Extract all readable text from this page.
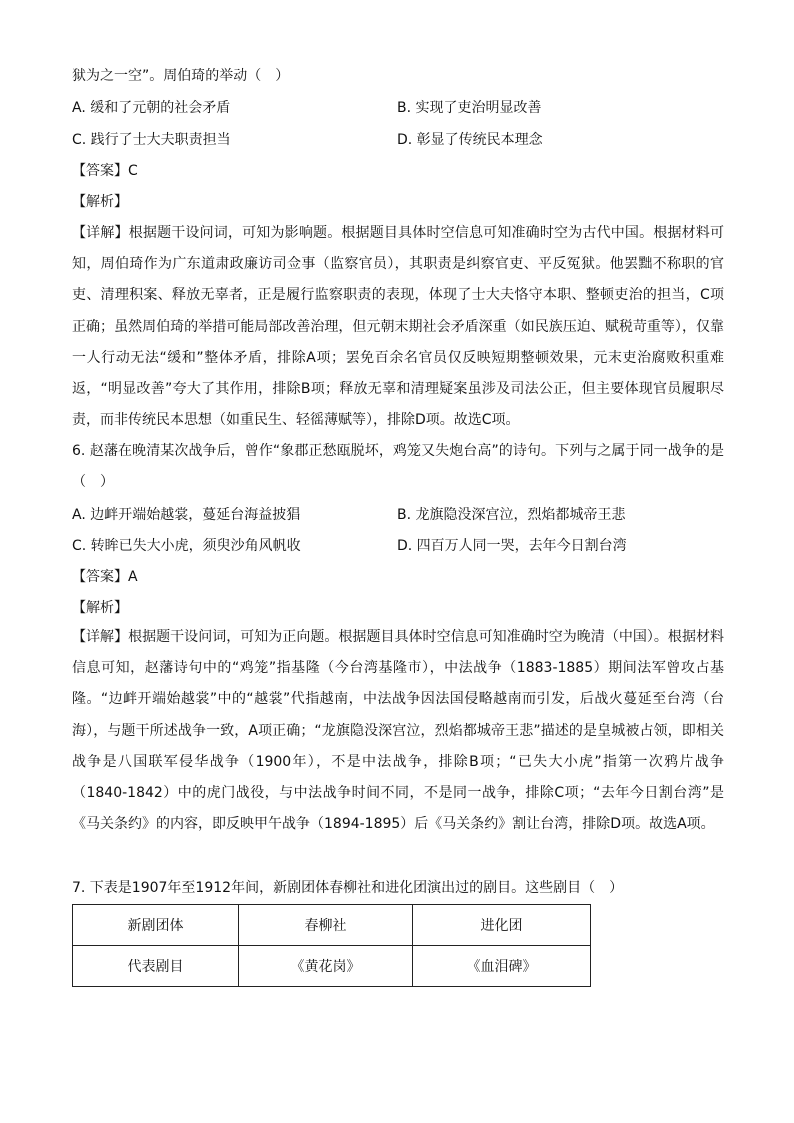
狱为之一空”。周伯琦的举动（　）
A. 缓和了元朝的社会矛盾	B. 实现了吏治明显改善
C. 践行了士大夫职责担当	D. 彰显了传统民本理念
【答案】C
【解析】
【详解】根据题干设问词，可知为影响题。根据题目具体时空信息可知准确时空为古代中国。根据材料可知，周伯琦作为广东道肃政廉访司佥事（监察官员），其职责是纠察官吏、平反冤狱。他罢黜不称职的官吏、清理积案、释放无辜者，正是履行监察职责的表现，体现了士大夫恪守本职、整顿吏治的担当，C项正确；虽然周伯琦的举措可能局部改善治理，但元朝末期社会矛盾深重（如民族压迫、赋税苛重等），仅靠一人行动无法“缓和”整体矛盾，排除A项；罢免百余名官员仅反映短期整顿效果，元末吏治腐败积重难返，“明显改善”夸大了其作用，排除B项；释放无辜和清理疑案虽涉及司法公正，但主要体现官员履职尽责，而非传统民本思想（如重民生、轻徭薄赋等），排除D项。故选C项。
6. 赵藩在晚清某次战争后，曾作“象郡正愁瓯脱坏，鸡笼又失炮台高”的诗句。下列与之属于同一战争的是（　）
A. 边衅开端始越裳，蔓延台海益披猖	B. 龙旗隐没深宫泣，烈焰都城帝王悲
C. 转眸已失大小虎，须臾沙角风帆收	D. 四百万人同一哭，去年今日割台湾
【答案】A
【解析】
【详解】根据题干设问词，可知为正向题。根据题目具体时空信息可知准确时空为晚清（中国）。根据材料信息可知，赵藩诗句中的“鸡笼”指基隆（今台湾基隆市），中法战争（1883-1885）期间法军曾攻占基隆。“边衅开端始越裳”中的“越裳”代指越南，中法战争因法国侵略越南而引发，后战火蔓延至台湾（台海），与题干所述战争一致，A项正确；“龙旗隐没深宫泣，烈焰都城帝王悲”描述的是皇城被占领，即相关战争是八国联军侵华战争（1900年），不是中法战争，排除B项；“已失大小虎”指第一次鸦片战争（1840-1842）中的虎门战役，与中法战争时间不同，不是同一战争，排除C项；“去年今日割台湾”是《马关条约》的内容，即反映甲午战争（1894-1895）后《马关条约》割让台湾，排除D项。故选A项。
7. 下表是1907年至1912年间，新剧团体春柳社和进化团演出过的剧目。这些剧目（　）
新剧团体	春柳社	进化团
代表剧目	《黄花岗》	《血泪碑》
